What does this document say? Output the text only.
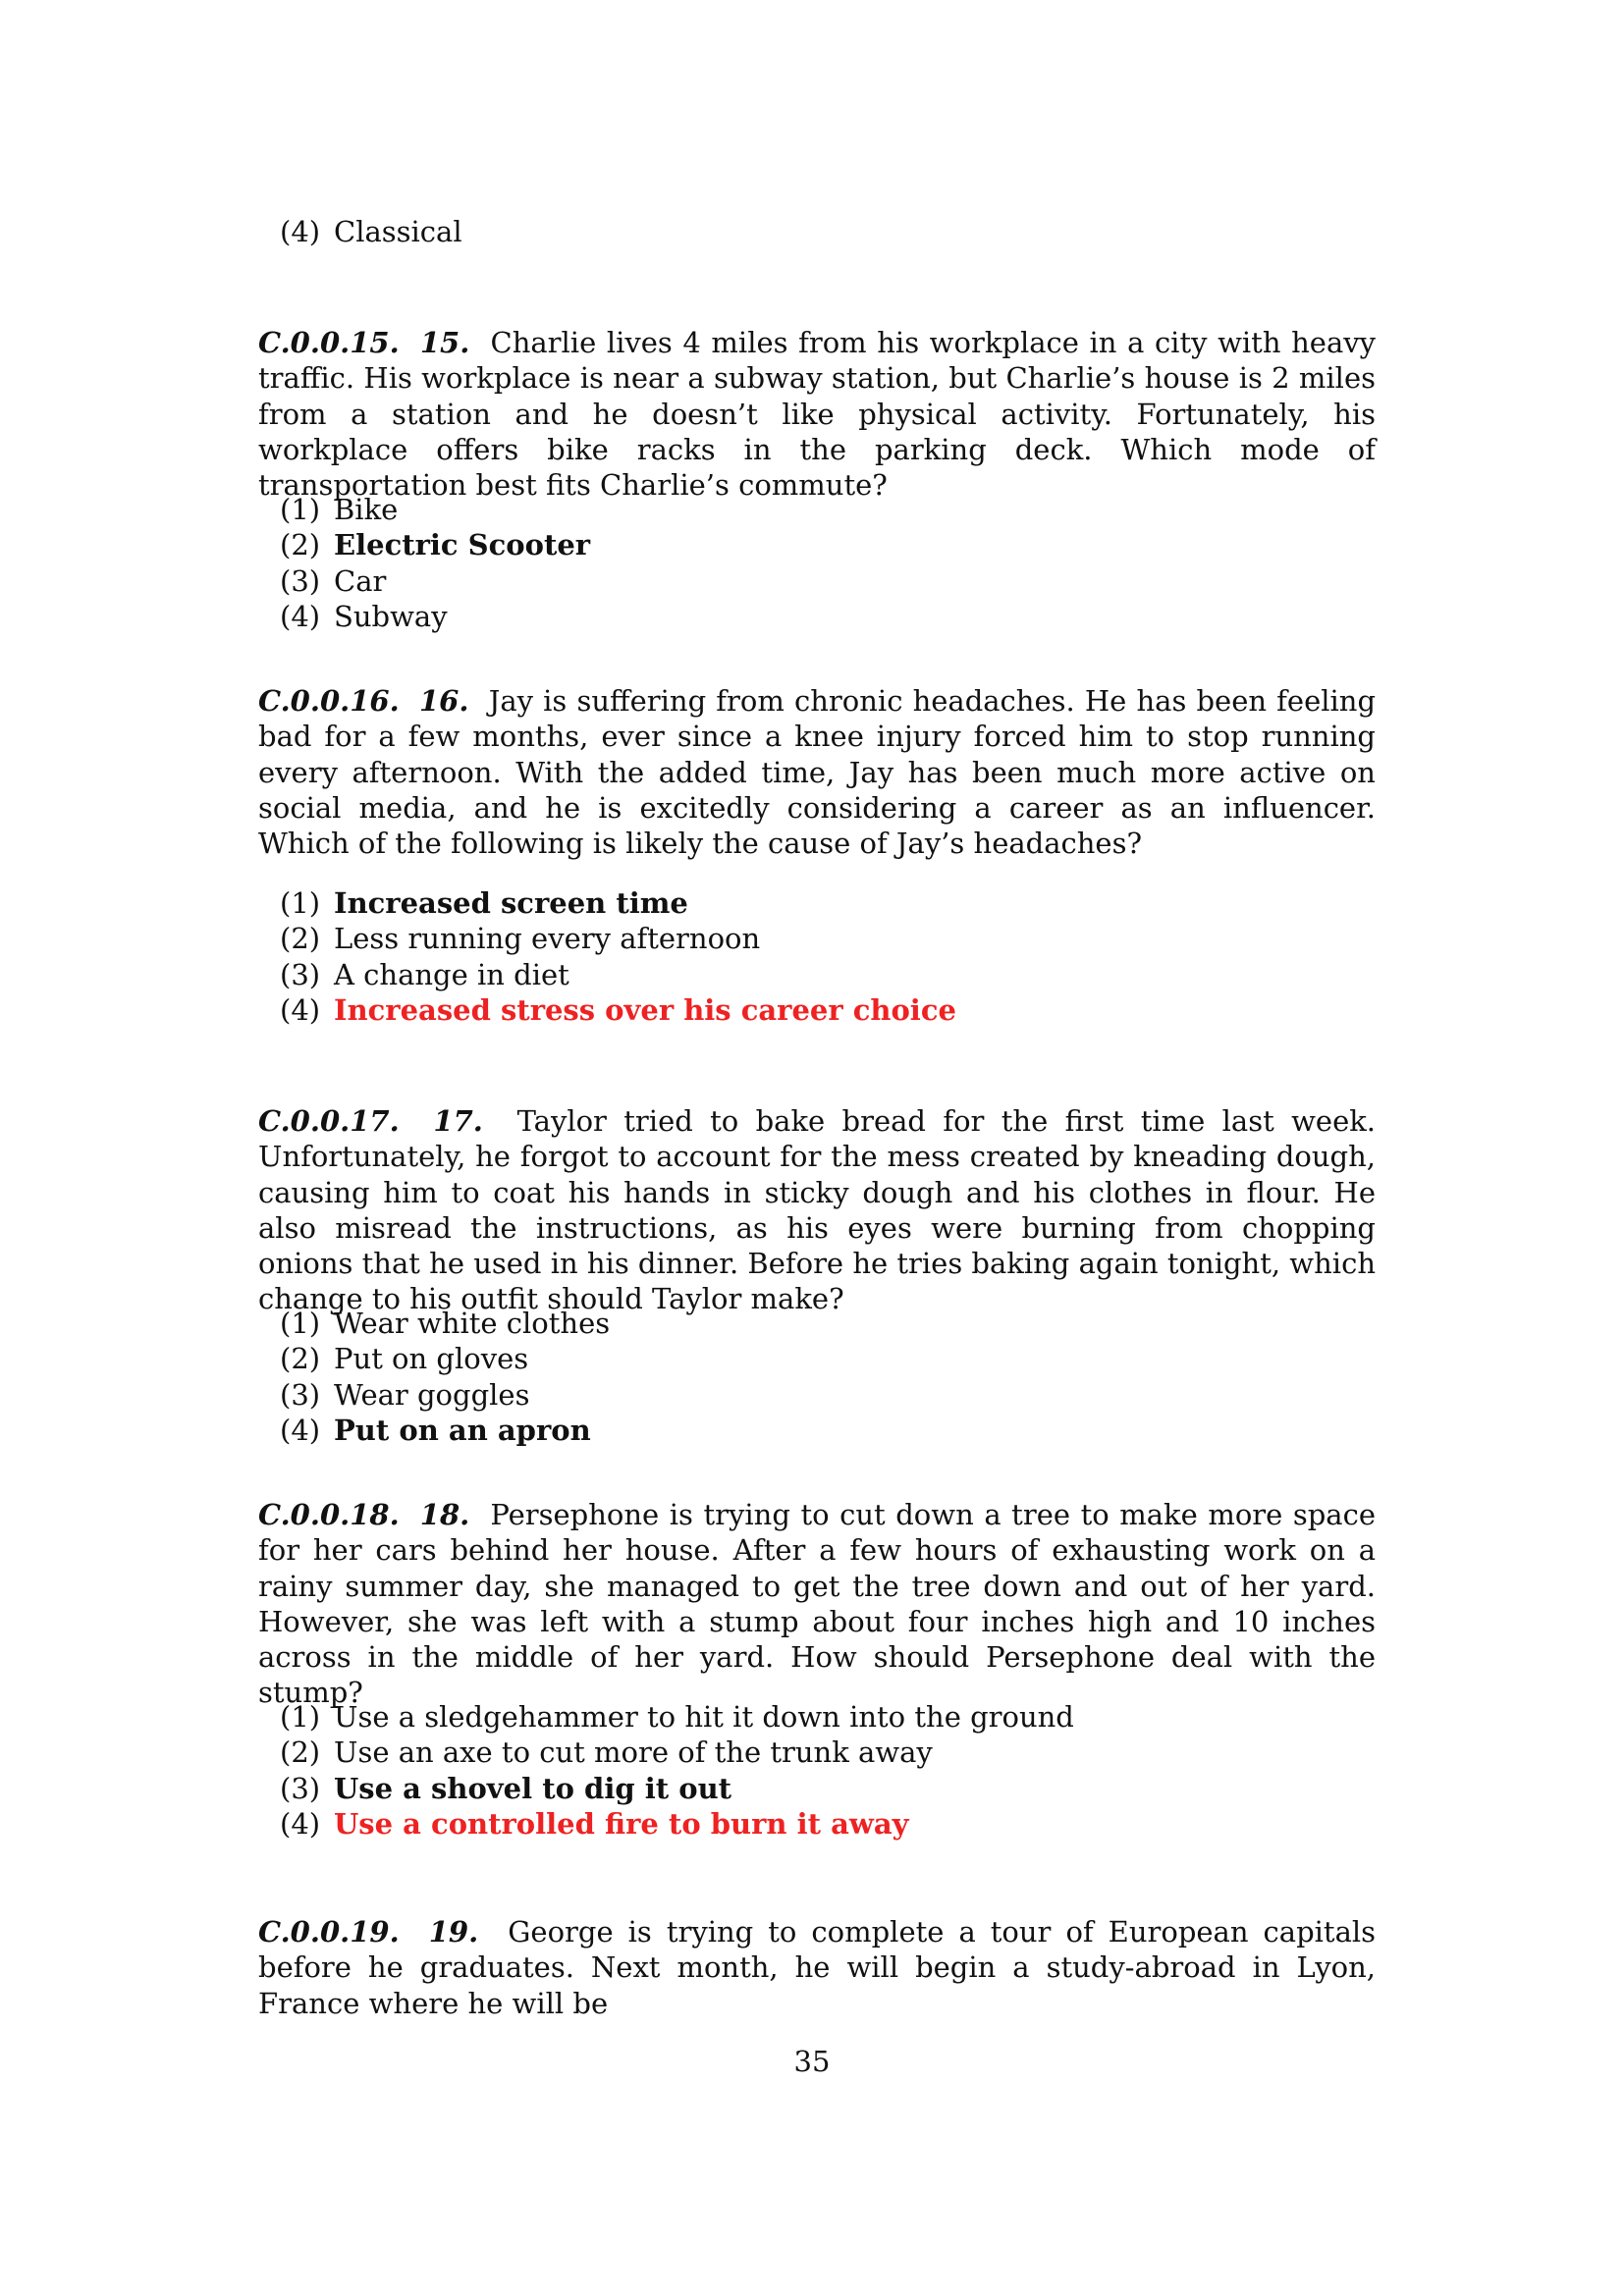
(4) Classical

C.0.0.15. 15. Charlie lives 4 miles from his workplace in a city with heavy traffic. His workplace is near a subway station, but Charlie’s house is 2 miles from a station and he doesn’t like physical activity. Fortunately, his workplace offers bike racks in the parking deck. Which mode of transportation best fits Charlie’s commute?

(1) Bike
(2) Electric Scooter
(3) Car
(4) Subway

C.0.0.16. 16. Jay is suffering from chronic headaches. He has been feeling bad for a few months, ever since a knee injury forced him to stop running every afternoon. With the added time, Jay has been much more active on social media, and he is excitedly considering a career as an influencer. Which of the following is likely the cause of Jay’s headaches?

(1) Increased screen time
(2) Less running every afternoon
(3) A change in diet
(4) Increased stress over his career choice

C.0.0.17. 17. Taylor tried to bake bread for the first time last week. Unfortunately, he forgot to account for the mess created by kneading dough, causing him to coat his hands in sticky dough and his clothes in flour. He also misread the instructions, as his eyes were burning from chopping onions that he used in his dinner. Before he tries baking again tonight, which change to his outfit should Taylor make?

(1) Wear white clothes
(2) Put on gloves
(3) Wear goggles
(4) Put on an apron

C.0.0.18. 18. Persephone is trying to cut down a tree to make more space for her cars behind her house. After a few hours of exhausting work on a rainy summer day, she managed to get the tree down and out of her yard. However, she was left with a stump about four inches high and 10 inches across in the middle of her yard. How should Persephone deal with the stump?

(1) Use a sledgehammer to hit it down into the ground
(2) Use an axe to cut more of the trunk away
(3) Use a shovel to dig it out
(4) Use a controlled fire to burn it away

C.0.0.19. 19. George is trying to complete a tour of European capitals before he graduates. Next month, he will begin a study-abroad in Lyon, France where he will be

35
